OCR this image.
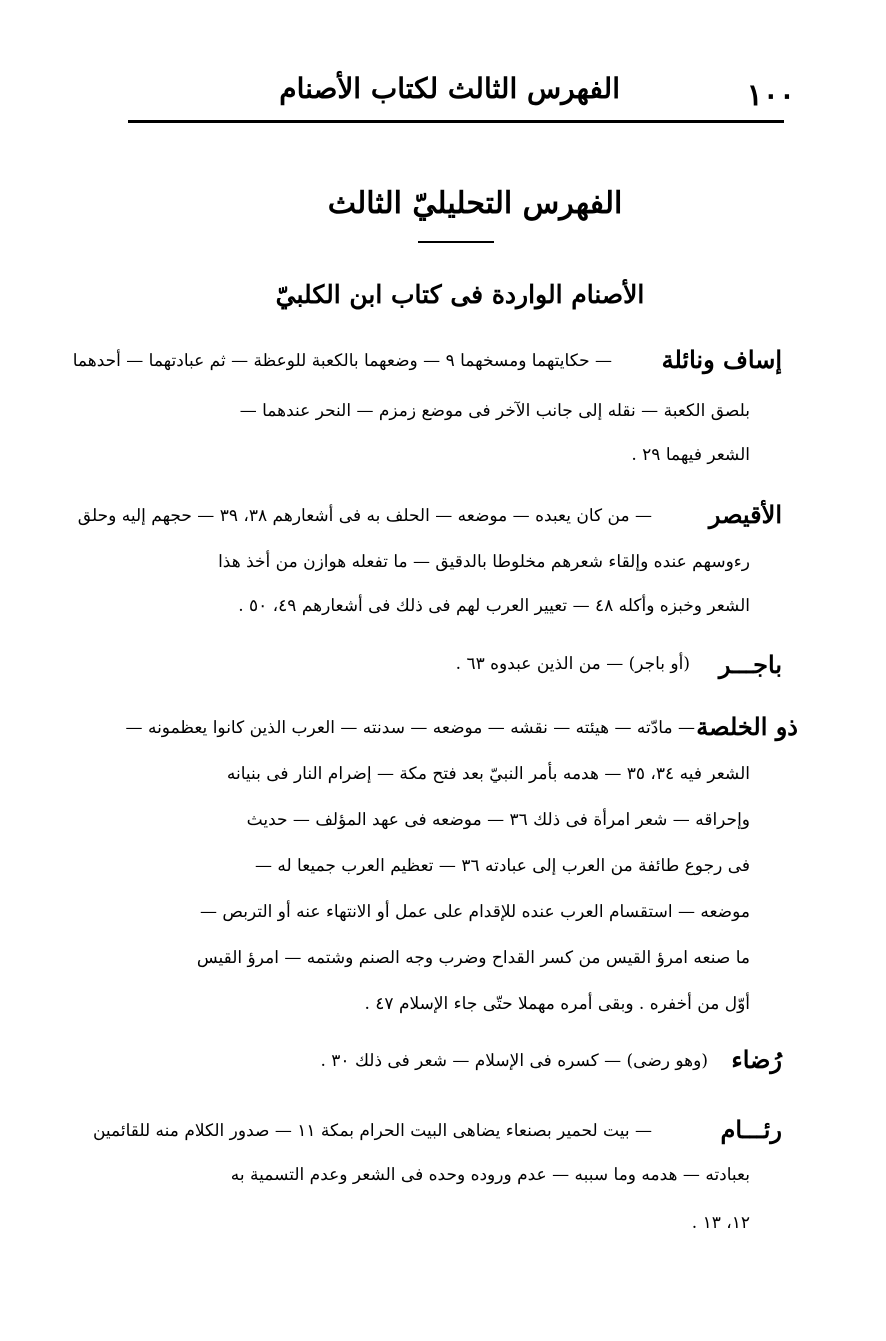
١٠٠
الفهرس الثالث لكتاب الأصنام
الفهرس التحليليّ الثالث
الأصنام الواردة فى كتاب ابن الكلبيّ
إساف ونائلة
— حكايتهما ومسخهما ٩ — وضعهما بالكعبة للوعظة — ثم عبادتهما — أحدهما
بلصق الكعبة — نقله إلى جانب الآخر فى موضع زمزم — النحر عندهما —
الشعر فيهما ٢٩ .
الأقيصر
— من كان يعبده — موضعه — الحلف به فى أشعارهم ٣٨، ٣٩ — حجهم إليه وحلق
رءوسهم عنده وإلقاء شعرهم مخلوطا بالدقيق — ما تفعله هوازن من أخذ هذا
الشعر وخبزه وأكله ٤٨ — تعيير العرب لهم فى ذلك فى أشعارهم ٤٩، ٥٠ .
باجـــر
(أو باجر) — من الذين عبدوه ٦٣ .
ذو الخلصة
— مادّته — هيئته — نقشه — موضعه — سدنته — العرب الذين كانوا يعظمونه —
الشعر فيه ٣٤، ٣٥ — هدمه بأمر النبيّ بعد فتح مكة — إضرام النار فى بنيانه
وإحراقه — شعر امرأة فى ذلك ٣٦ — موضعه فى عهد المؤلف — حديث
فى رجوع طائفة من العرب إلى عبادته ٣٦ — تعظيم العرب جميعا له —
موضعه — استقسام العرب عنده للإقدام على عمل أو الانتهاء عنه أو التربص —
ما صنعه امرؤ القيس من كسر القداح وضرب وجه الصنم وشتمه — امرؤ القيس
أوّل من أخفره . وبقى أمره مهملا حتّى جاء الإسلام ٤٧ .
رُضاء
(وهو رضى) — كسره فى الإسلام — شعر فى ذلك ٣٠ .
رئـــام
— بيت لحمير بصنعاء يضاهى البيت الحرام بمكة ١١ — صدور الكلام منه للقائمين
بعبادته — هدمه وما سببه — عدم وروده وحده فى الشعر وعدم التسمية به
١٢، ١٣ .
